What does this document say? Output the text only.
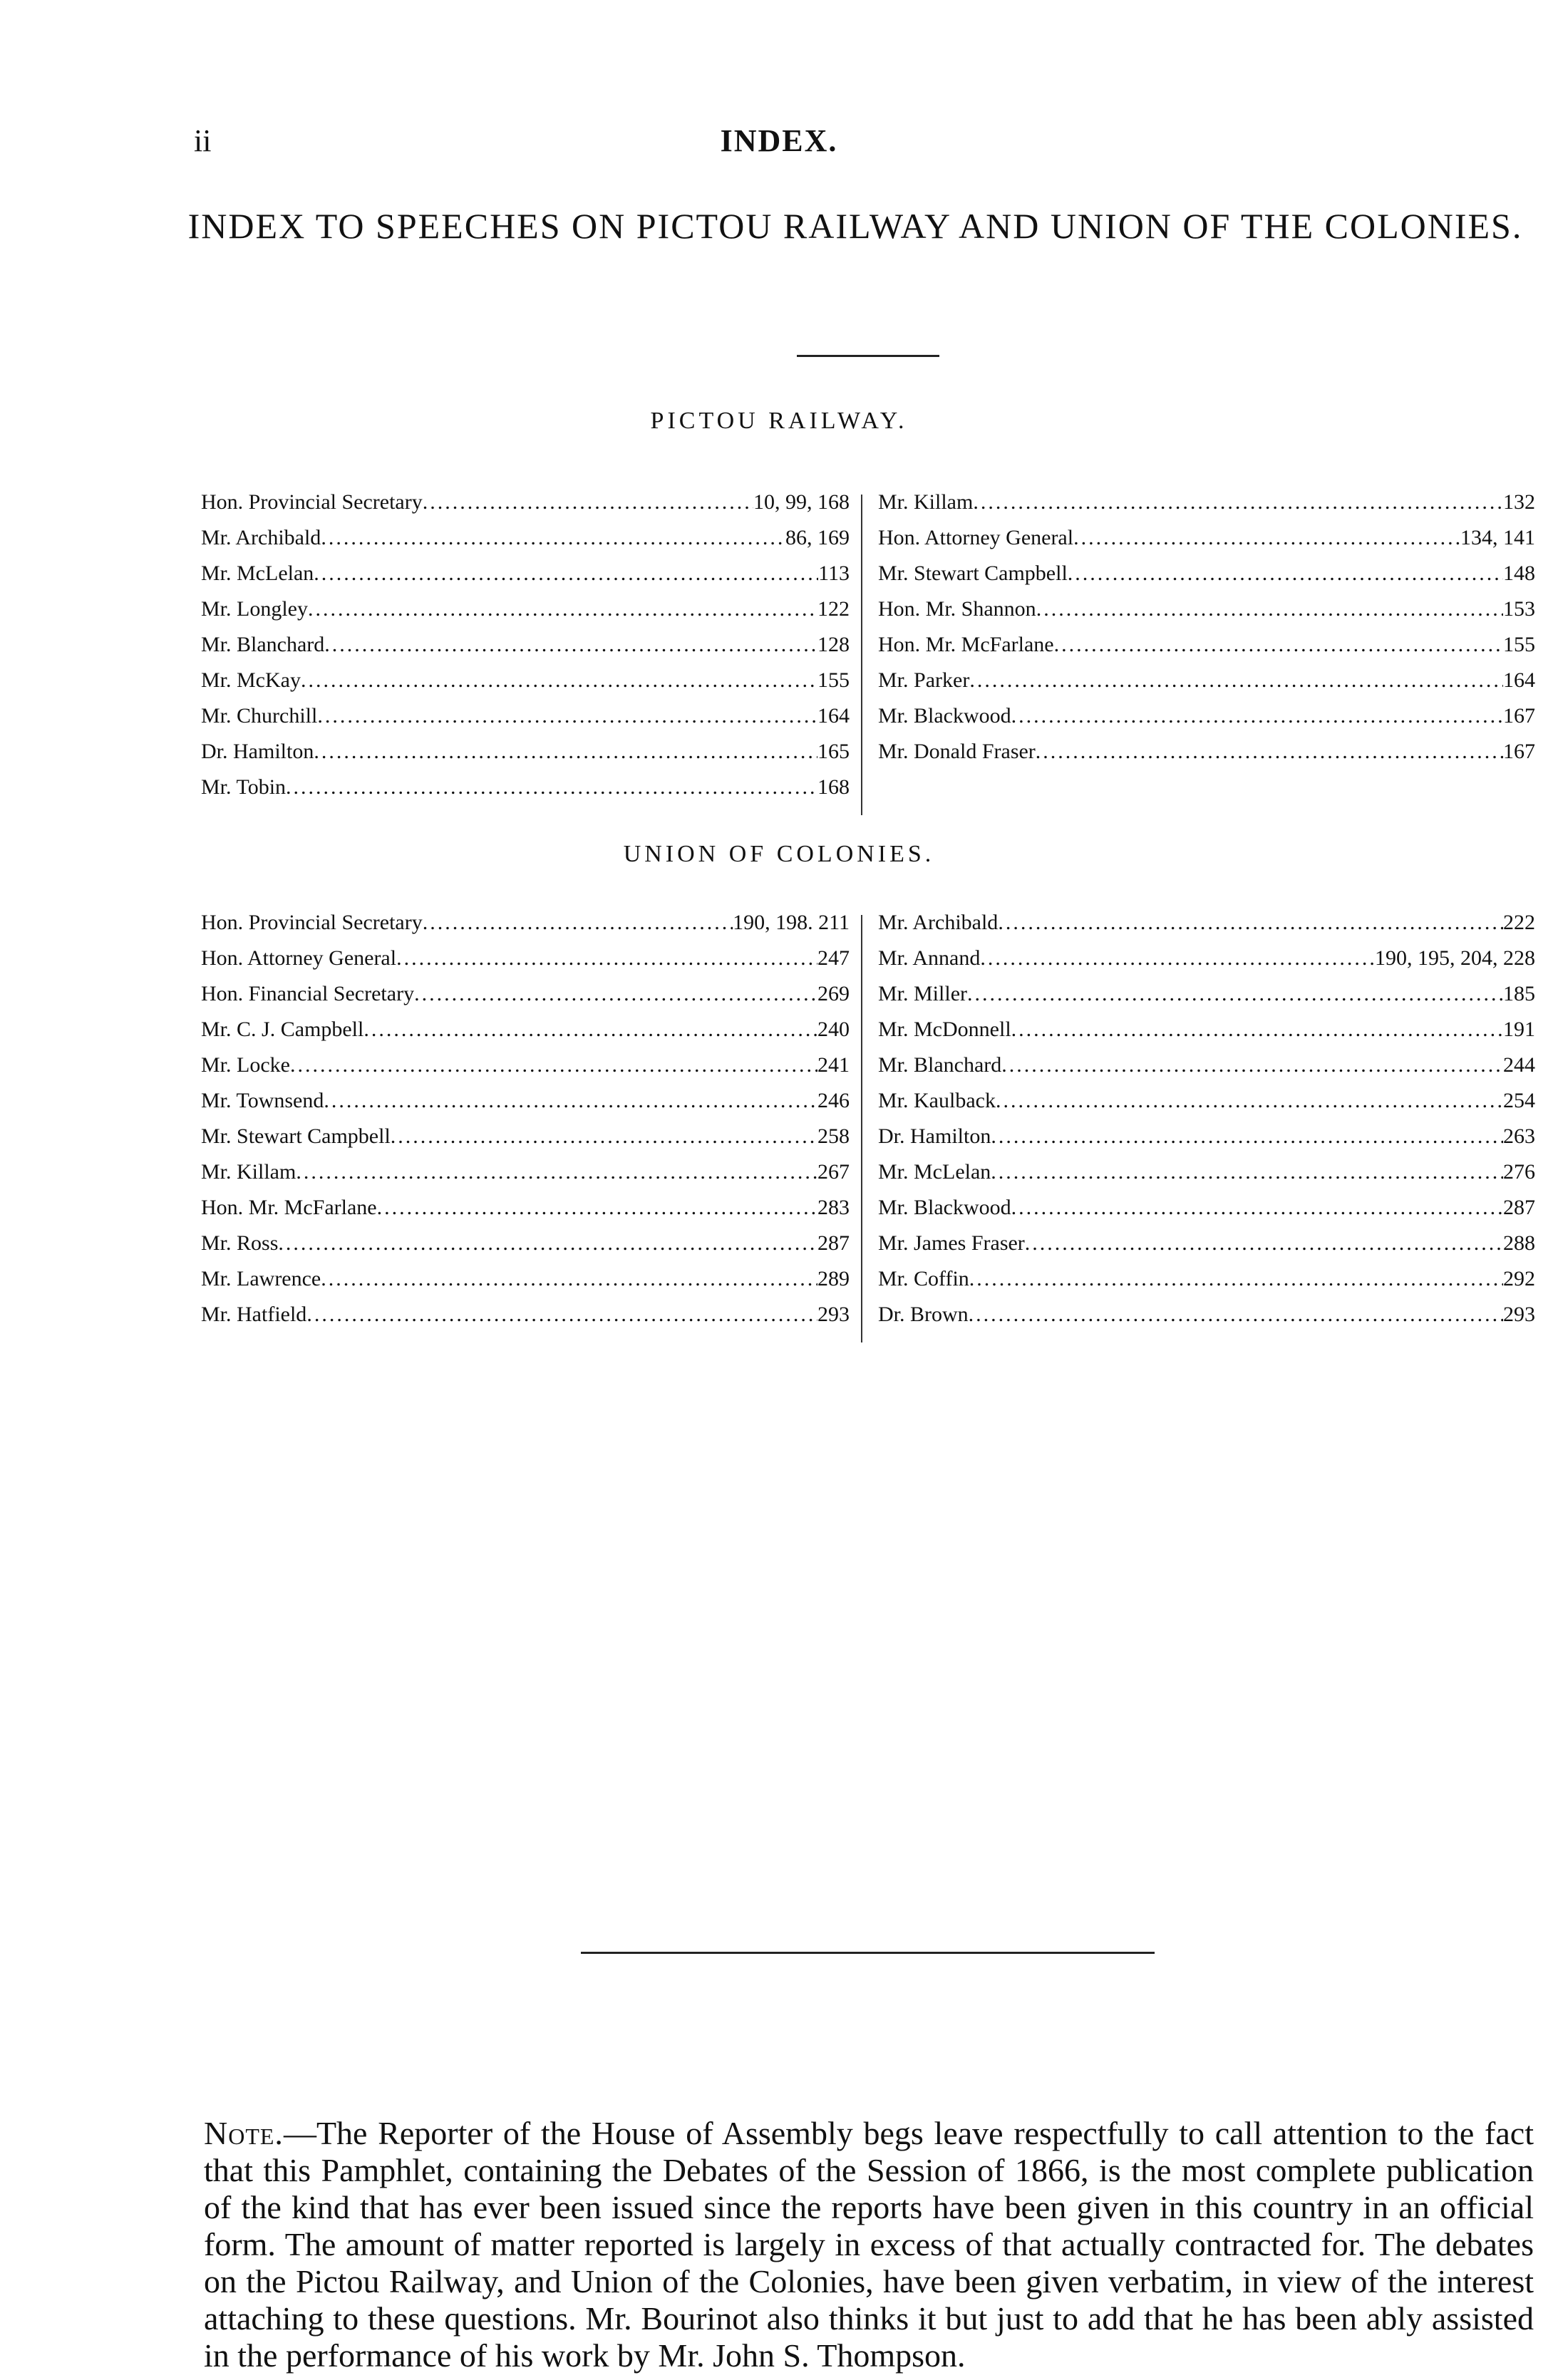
ii	INDEX.
INDEX TO SPEECHES ON PICTOU RAILWAY AND UNION OF THE COLONIES.
PICTOU RAILWAY.
Hon. Provincial Secretary .....	10, 99, 168
Mr. Archibald .....	86, 169
Mr. McLelan .....	113
Mr. Longley .....	122
Mr. Blanchard .....	128
Mr. McKay .....	155
Mr. Churchill .....	164
Dr. Hamilton .....	165
Mr. Tobin .....	168
Mr. Killam .....	132
Hon. Attorney General .....	134, 141
Mr. Stewart Campbell .....	148
Hon. Mr. Shannon .....	153
Hon. Mr. McFarlane .....	155
Mr. Parker .....	164
Mr. Blackwood .....	167
Mr. Donald Fraser .....	167
UNION OF COLONIES.
Hon. Provincial Secretary .....	190, 198. 211
Hon. Attorney General .....	247
Hon. Financial Secretary .....	269
Mr. C. J. Campbell .....	240
Mr. Locke .....	241
Mr. Townsend .....	246
Mr. Stewart Campbell .....	258
Mr. Killam .....	267
Hon. Mr. McFarlane .....	283
Mr. Ross .....	287
Mr. Lawrence .....	289
Mr. Hatfield .....	293
Mr. Archibald .....	222
Mr. Annand .....	190, 195, 204, 228
Mr. Miller .....	185
Mr. McDonnell .....	191
Mr. Blanchard .....	244
Mr. Kaulback .....	254
Dr. Hamilton .....	263
Mr. McLelan .....	276
Mr. Blackwood .....	287
Mr. James Fraser .....	288
Mr. Coffin .....	292
Dr. Brown .....	293
Note.—The Reporter of the House of Assembly begs leave respectfully to call attention to the fact that this Pamphlet, containing the Debates of the Session of 1866, is the most complete publication of the kind that has ever been issued since the reports have been given in this country in an official form. The amount of matter reported is largely in excess of that actually contracted for. The debates on the Pictou Railway, and Union of the Colonies, have been given verbatim, in view of the interest attaching to these questions. Mr. Bourinot also thinks it but just to add that he has been ably assisted in the performance of his work by Mr. John S. Thompson.
